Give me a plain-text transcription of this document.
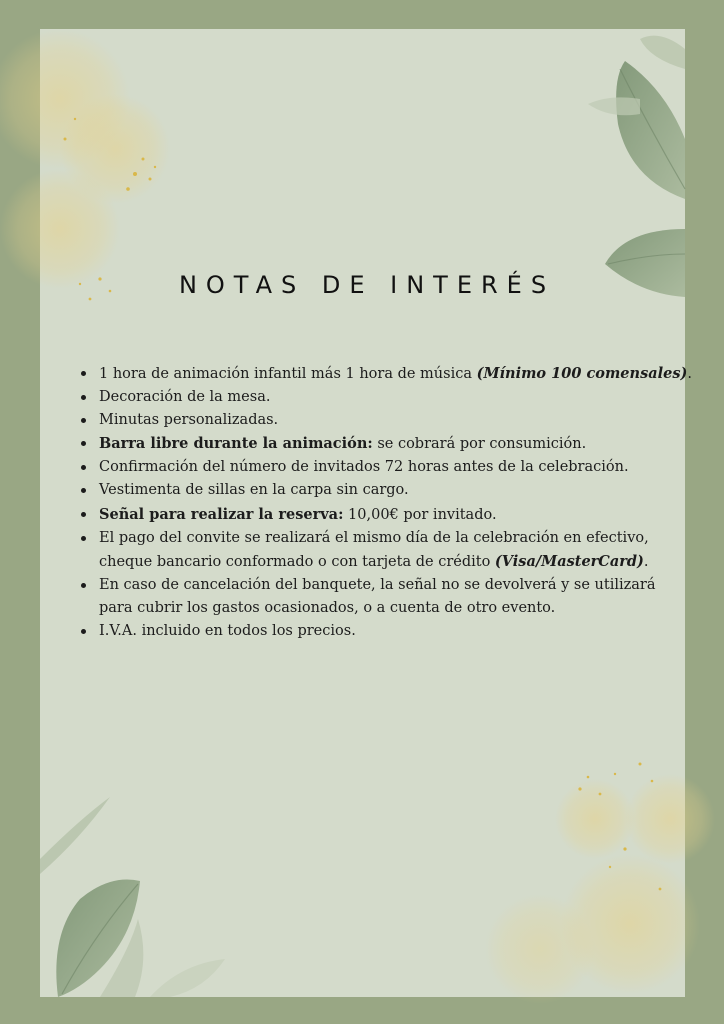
NOTAS DE INTERÉS
1 hora de animación infantil más 1 hora de música (Mínimo 100 comensales).
Decoración de la mesa.
Minutas personalizadas.
Barra libre durante la animación: se cobrará por consumición.
Confirmación del número de invitados 72 horas antes de la celebración.
Vestimenta de sillas en la carpa sin cargo.
Señal para realizar la reserva: 10,00€ por invitado.
El pago del convite se realizará el mismo día de la celebración en efectivo,
cheque bancario conformado o con tarjeta de crédito (Visa/MasterCard).
En caso de cancelación del banquete, la señal no se devolverá y se utilizará
para cubrir los gastos ocasionados, o a cuenta de otro evento.
I.V.A. incluido en todos los precios.
